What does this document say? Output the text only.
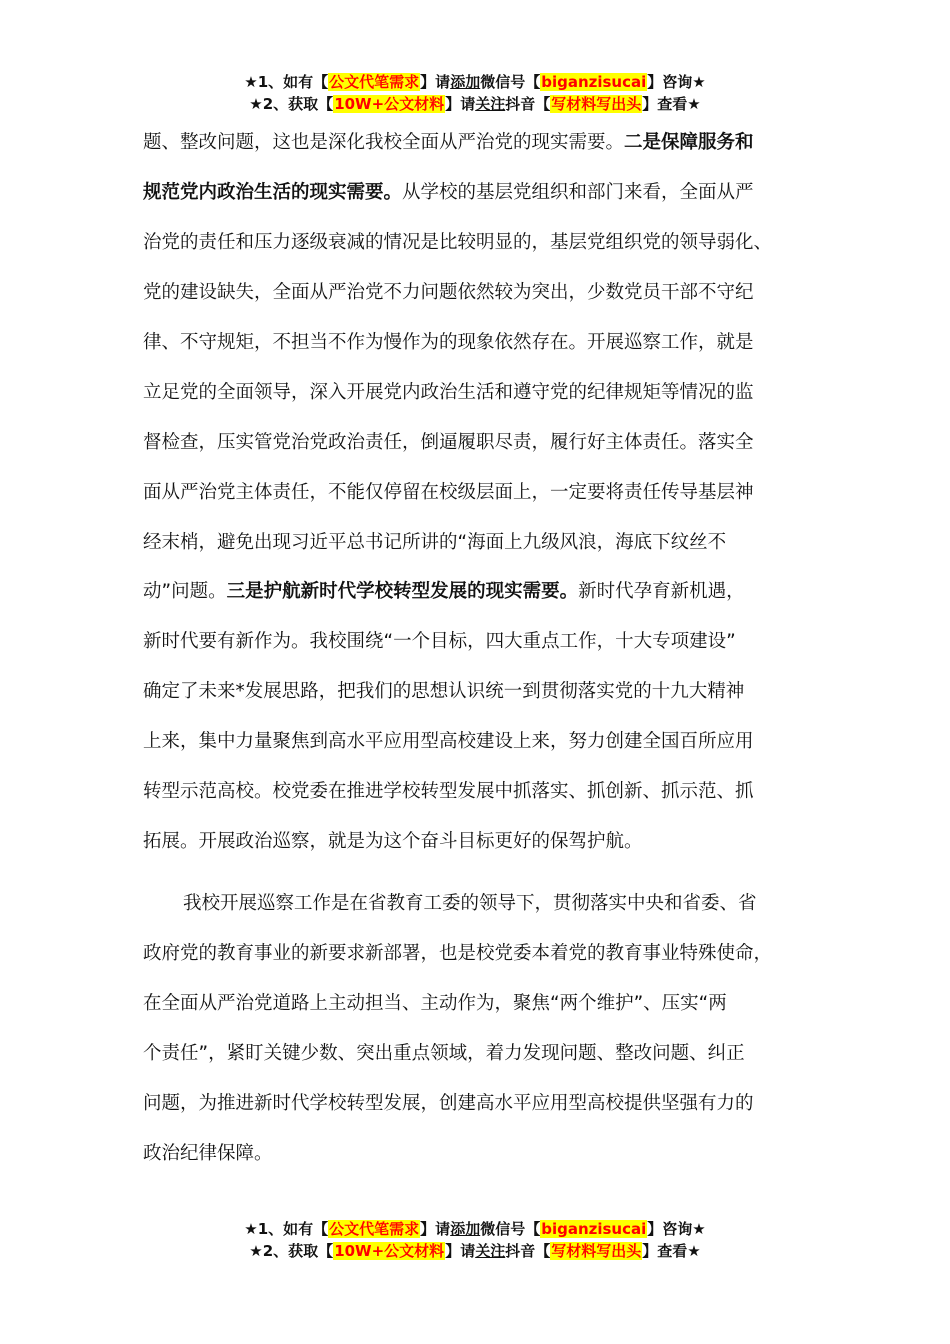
★1、如有【公文代笔需求】请添加微信号【biganzisucai】咨询★
★2、获取【10W+公文材料】请关注抖音【写材料写出头】查看★
题、整改问题，这也是深化我校全面从严治党的现实需要。二是保障服务和
规范党内政治生活的现实需要。从学校的基层党组织和部门来看，全面从严
治党的责任和压力逐级衰减的情况是比较明显的，基层党组织党的领导弱化、
党的建设缺失，全面从严治党不力问题依然较为突出，少数党员干部不守纪
律、不守规矩，不担当不作为慢作为的现象依然存在。开展巡察工作，就是
立足党的全面领导，深入开展党内政治生活和遵守党的纪律规矩等情况的监
督检查，压实管党治党政治责任，倒逼履职尽责，履行好主体责任。落实全
面从严治党主体责任，不能仅停留在校级层面上，一定要将责任传导基层神
经末梢，避免出现习近平总书记所讲的“海面上九级风浪，海底下纹丝不
动”问题。三是护航新时代学校转型发展的现实需要。新时代孕育新机遇，
新时代要有新作为。我校围绕“一个目标，四大重点工作，十大专项建设”
确定了未来*发展思路，把我们的思想认识统一到贯彻落实党的十九大精神
上来，集中力量聚焦到高水平应用型高校建设上来，努力创建全国百所应用
转型示范高校。校党委在推进学校转型发展中抓落实、抓创新、抓示范、抓
拓展。开展政治巡察，就是为这个奋斗目标更好的保驾护航。
我校开展巡察工作是在省教育工委的领导下，贯彻落实中央和省委、省
政府党的教育事业的新要求新部署，也是校党委本着党的教育事业特殊使命，
在全面从严治党道路上主动担当、主动作为，聚焦“两个维护”、压实“两
个责任”，紧盯关键少数、突出重点领域，着力发现问题、整改问题、纠正
问题，为推进新时代学校转型发展，创建高水平应用型高校提供坚强有力的
政治纪律保障。
★1、如有【公文代笔需求】请添加微信号【biganzisucai】咨询★
★2、获取【10W+公文材料】请关注抖音【写材料写出头】查看★
